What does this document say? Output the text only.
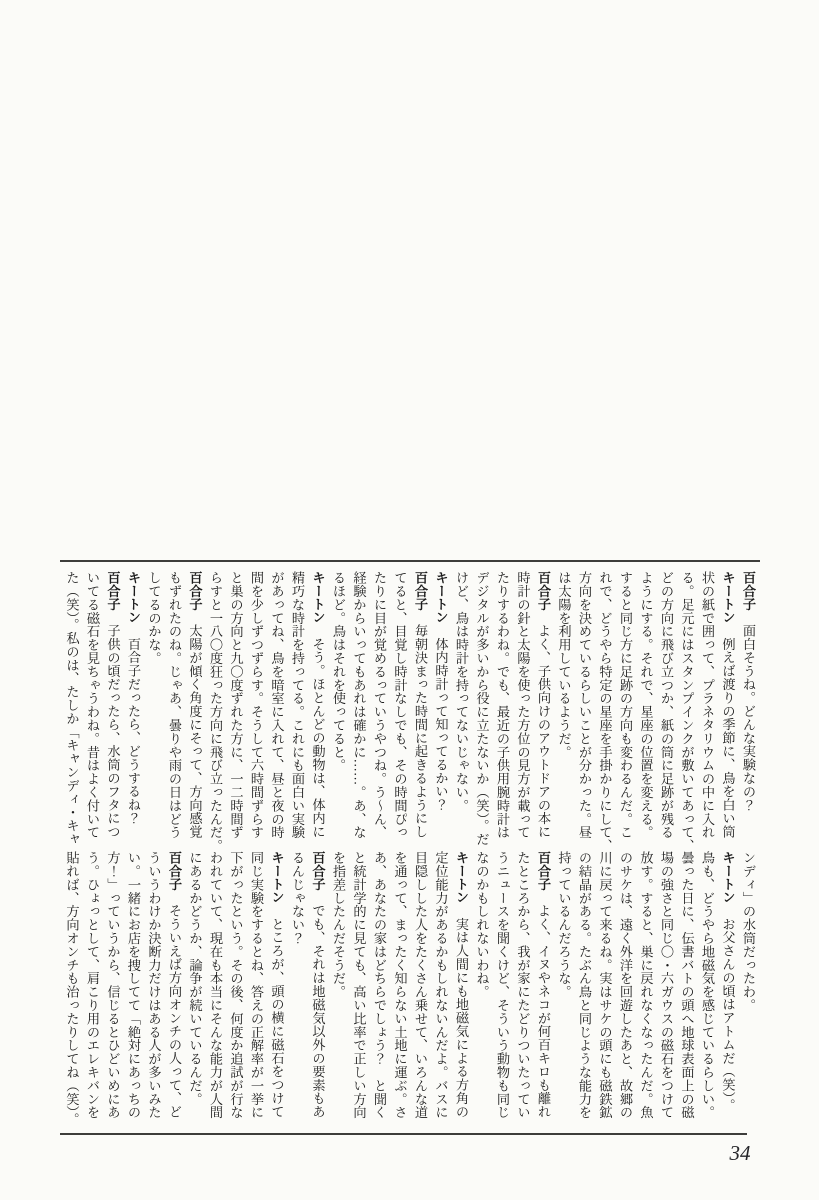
百合子　面白そうね。どんな実験なの？
キートン　例えば渡りの季節に、鳥を白い筒
状の紙で囲って、プラネタリウムの中に入れ
る。足元にはスタンプインクが敷いてあって、
どの方向に飛び立つか、紙の筒に足跡が残る
ようにする。それで、星座の位置を変える。
すると同じ方に足跡の方向も変わるんだ。こ
れで、どうやら特定の星座を手掛かりにして、
方向を決めているらしいことが分かった。昼
は太陽を利用しているようだ。
百合子　よく、子供向けのアウトドアの本に
時計の針と太陽を使った方位の見方が載って
たりするわね。でも、最近の子供用腕時計は
デジタルが多いから役に立たないか（笑）。だ
けど、鳥は時計を持ってないじゃない。
キートン　体内時計って知ってるかい？
百合子　毎朝決まった時間に起きるようにし
てると、目覚し時計なしでも、その時間ぴっ
たりに目が覚めるっていうやつね。う〜ん、
経験からいってもあれは確かに……。あ、な
るほど。鳥はそれを使ってると。
キートン　そう。ほとんどの動物は、体内に
精巧な時計を持ってる。これにも面白い実験
があってね、鳥を暗室に入れて、昼と夜の時
間を少しずつずらす。そうして六時間ずらす
と巣の方向と九〇度ずれた方に、一二時間ず
らすと一八〇度狂った方向に飛び立ったんだ。
百合子　太陽が傾く角度にそって、方向感覚
もずれたのね。じゃあ、曇りや雨の日はどう
してるのかな。
キートン　百合子だったら、どうするね？
百合子　子供の頃だったら、水筒のフタにつ
いてる磁石を見ちゃうわね。昔はよく付いて
た（笑）。私のは、たしか「キャンディ・キャ
ンディ」の水筒だったわ。
キートン　お父さんの頃はアトムだ（笑）。
鳥も、どうやら地磁気を感じているらしい。
曇った日に、伝書バトの頭へ地球表面上の磁
場の強さと同じ〇・六ガウスの磁石をつけて
放す。すると、巣に戻れなくなったんだ。魚
のサケは、遠く外洋を回遊したあと、故郷の
川に戻って来るね。実はサケの頭にも磁鉄鉱
の結晶がある。たぶん鳥と同じような能力を
持っているんだろうな。
百合子　よく、イヌやネコが何百キロも離れ
たところから、我が家にたどりついたってい
うニュースを聞くけど、そういう動物も同じ
なのかもしれないわね。
キートン　実は人間にも地磁気による方角の
定位能力があるかもしれないんだよ。バスに
目隠しした人をたくさん乗せて、いろんな道
を通って、まったく知らない土地に運ぶ。さ
あ、あなたの家はどちらでしょう？　と聞く
と統計学的に見ても、高い比率で正しい方向
を指差したんだそうだ。
百合子　でも、それは地磁気以外の要素もあ
るんじゃない？
キートン　ところが、頭の横に磁石をつけて
同じ実験をするとね、答えの正解率が一挙に
下がったという。その後、何度か追試が行な
われていて、現在も本当にそんな能力が人間
にあるかどうか、論争が続いているんだ。
百合子　そういえば方向オンチの人って、ど
ういうわけか決断力だけはある人が多いみた
い。一緒にお店を捜してて「絶対にあっちの
方！」っていうから、信じるとひどいめにあ
う。ひょっとして、肩こり用のエレキバンを
貼れば、方向オンチも治ったりしてね（笑）。
34
